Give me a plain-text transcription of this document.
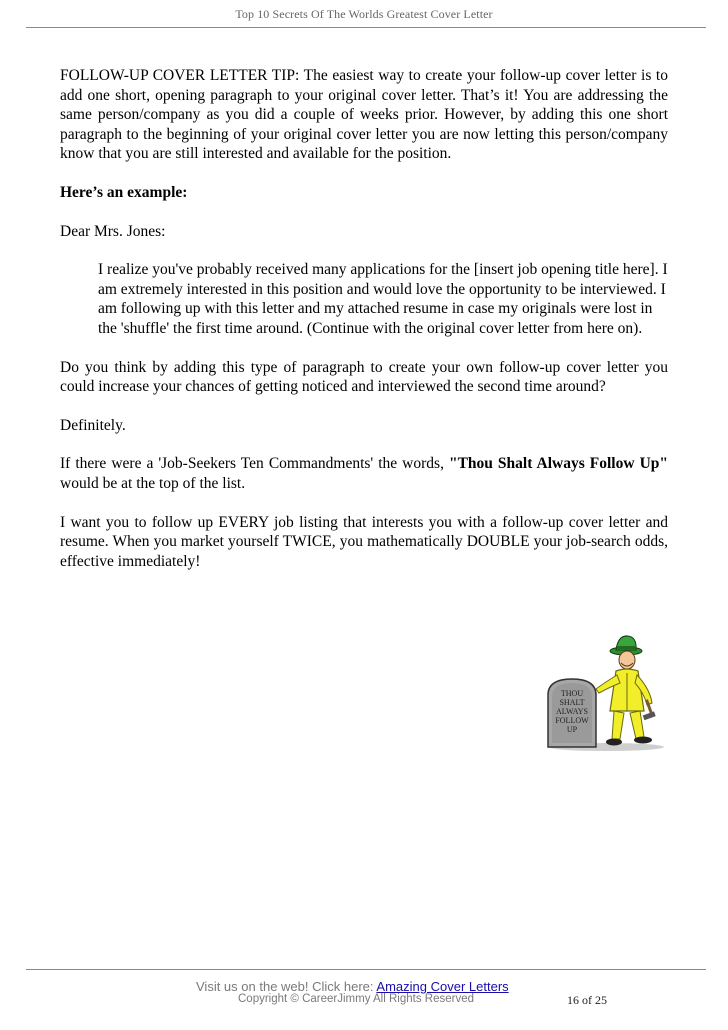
Top 10 Secrets Of The Worlds Greatest Cover Letter

FOLLOW-UP COVER LETTER TIP: The easiest way to create your follow-up cover letter is to add one short, opening paragraph to your original cover letter. That’s it! You are addressing the same person/company as you did a couple of weeks prior. However, by adding this one short paragraph to the beginning of your original cover letter you are now letting this person/company know that you are still interested and available for the position.

Here’s an example:

Dear Mrs. Jones:

I realize you've probably received many applications for the [insert job opening title here]. I am extremely interested in this position and would love the opportunity to be interviewed. I am following up with this letter and my attached resume in case my originals were lost in the 'shuffle' the first time around. (Continue with the original cover letter from here on).

Do you think by adding this type of paragraph to create your own follow-up cover letter you could increase your chances of getting noticed and interviewed the second time around?

Definitely.

If there were a 'Job-Seekers Ten Commandments' the words, "Thou Shalt Always Follow Up" would be at the top of the list.

I want you to follow up EVERY job listing that interests you with a follow-up cover letter and resume. When you market yourself TWICE, you mathematically DOUBLE your job-search odds, effective immediately!

THOU
SHALT
ALWAYS
FOLLOW
UP
Visit us on the web! Click here: Amazing Cover Letters
Copyright © CareerJimmy All Rights Reserved	16 of 25
